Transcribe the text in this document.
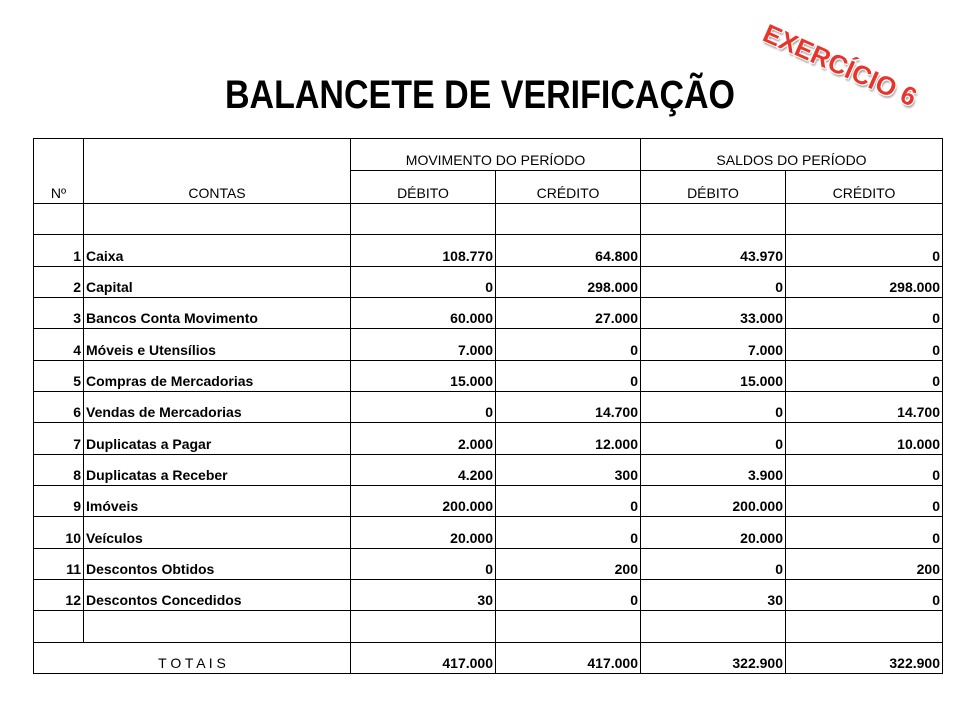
BALANCETE DE VERIFICAÇÃO EXERCÍCIO 6
Nº	CONTAS	MOVIMENTO DO PERÍODO		SALDOS DO PERÍODO	
		DÉBITO	CRÉDITO	DÉBITO	CRÉDITO

1	Caixa	108.770	64.800	43.970	0
2	Capital	0	298.000	0	298.000
3	Bancos Conta Movimento	60.000	27.000	33.000	0
4	Móveis e Utensílios	7.000	0	7.000	0
5	Compras de Mercadorias	15.000	0	15.000	0
6	Vendas de Mercadorias	0	14.700	0	14.700
7	Duplicatas a Pagar	2.000	12.000	0	10.000
8	Duplicatas a Receber	4.200	300	3.900	0
9	Imóveis	200.000	0	200.000	0
10	Veículos	20.000	0	20.000	0
11	Descontos Obtidos	0	200	0	200
12	Descontos Concedidos	30	0	30	0

T O T A I S		417.000	417.000	322.900	322.900
